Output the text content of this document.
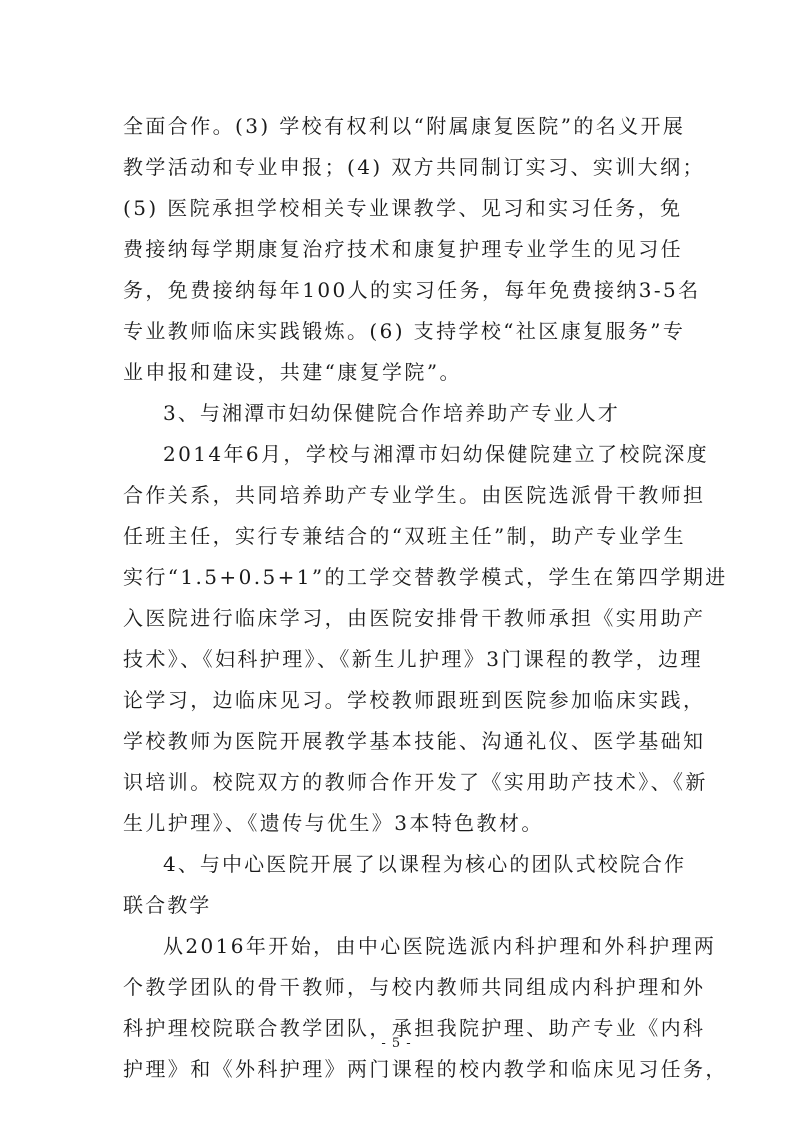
全面合作。(3) 学校有权利以“附属康复医院”的名义开展
教学活动和专业申报；(4) 双方共同制订实习、实训大纲；
(5) 医院承担学校相关专业课教学、见习和实习任务，免
费接纳每学期康复治疗技术和康复护理专业学生的见习任
务，免费接纳每年100人的实习任务，每年免费接纳3-5名
专业教师临床实践锻炼。(6) 支持学校“社区康复服务”专
业申报和建设，共建“康复学院”。
3、与湘潭市妇幼保健院合作培养助产专业人才
2014年6月，学校与湘潭市妇幼保健院建立了校院深度
合作关系，共同培养助产专业学生。由医院选派骨干教师担
任班主任，实行专兼结合的“双班主任”制，助产专业学生
实行“1.5+0.5+1”的工学交替教学模式，学生在第四学期进
入医院进行临床学习，由医院安排骨干教师承担《实用助产
技术》、《妇科护理》、《新生儿护理》3门课程的教学，边理
论学习，边临床见习。学校教师跟班到医院参加临床实践，
学校教师为医院开展教学基本技能、沟通礼仪、医学基础知
识培训。校院双方的教师合作开发了《实用助产技术》、《新
生儿护理》、《遗传与优生》3本特色教材。
4、与中心医院开展了以课程为核心的团队式校院合作
联合教学
从2016年开始，由中心医院选派内科护理和外科护理两
个教学团队的骨干教师，与校内教师共同组成内科护理和外
科护理校院联合教学团队，承担我院护理、助产专业《内科
护理》和《外科护理》两门课程的校内教学和临床见习任务，
- 5 -
